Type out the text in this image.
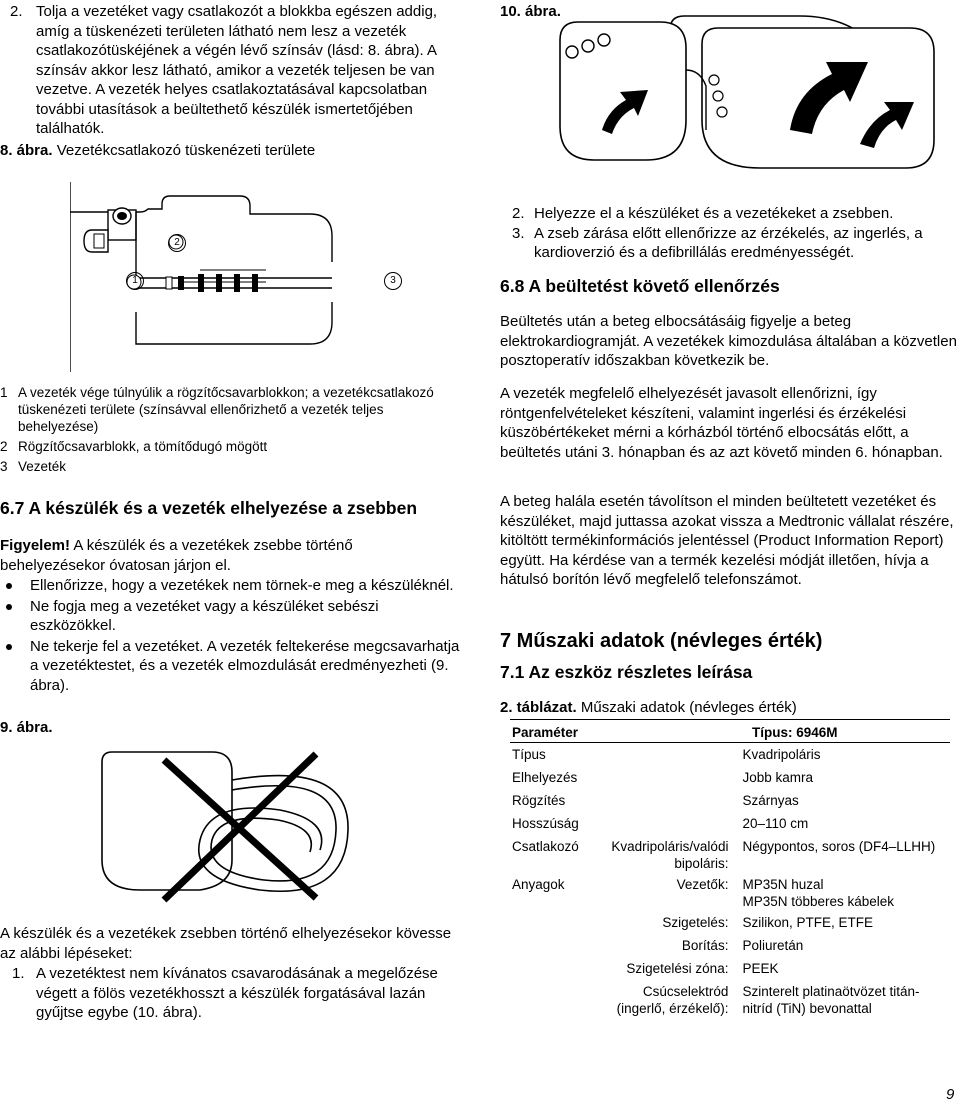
2. Tolja a vezetéket vagy csatlakozót a blokkba egészen addig, amíg a tüskenézeti területen látható nem lesz a vezeték csatlakozótüskéjének a végén lévő színsáv (lásd: 8. ábra). A színsáv akkor lesz látható, amikor a vezeték teljesen be van vezetve. A vezeték helyes csatlakoztatásával kapcsolatban további utasítások a beültethető készülék ismertetőjében találhatók.

8. ábra. Vezetékcsatlakozó tüskenézeti területe

1
2
3
1 A vezeték vége túlnyúlik a rögzítőcsavarblokkon; a vezetékcsatlakozó tüskenézeti területe (színsávval ellenőrizhető a vezeték teljes behelyezése)
2 Rögzítőcsavarblokk, a tömítődugó mögött
3 Vezeték
6.7 A készülék és a vezeték elhelyezése a zsebben

Figyelem! A készülék és a vezetékek zsebbe történő behelyezésekor óvatosan járjon el.

Ellenőrizze, hogy a vezetékek nem törnek-e meg a készüléknél.
Ne fogja meg a vezetéket vagy a készüléket sebészi eszközökkel.
Ne tekerje fel a vezetéket. A vezeték feltekerése megcsavarhatja a vezetéktestet, és a vezeték elmozdulását eredményezheti (9. ábra).

9. ábra.

A készülék és a vezetékek zsebben történő elhelyezésekor kövesse az alábbi lépéseket:

1. A vezetéktest nem kívánatos csavarodásának a megelőzése végett a fölös vezetékhosszt a készülék forgatásával lazán gyűjtse egybe (10. ábra).

10. ábra.

2. Helyezze el a készüléket és a vezetékeket a zsebben.
3. A zseb zárása előtt ellenőrizze az érzékelés, az ingerlés, a kardioverzió és a defibrillálás eredményességét.
6.8 A beültetést követő ellenőrzés

Beültetés után a beteg elbocsátásáig figyelje a beteg elektrokardiogramját. A vezetékek kimozdulása általában a közvetlen posztoperatív időszakban következik be.

A vezeték megfelelő elhelyezését javasolt ellenőrizni, így röntgenfelvételeket készíteni, valamint ingerlési és érzékelési küszöbértékeket mérni a kórházból történő elbocsátás előtt, a beültetés utáni 3. hónapban és az azt követő minden 6. hónapban.

A beteg halála esetén távolítson el minden beültetett vezetéket és készüléket, majd juttassa azokat vissza a Medtronic vállalat részére, kitöltött termékinformációs jelentéssel (Product Information Report) együtt. Ha kérdése van a termék kezelési módját illetően, hívja a hátulsó borítón lévő megfelelő telefonszámot.

7 Műszaki adatok (névleges érték)
7.1 Az eszköz részletes leírása

2. táblázat. Műszaki adatok (névleges érték)

Paraméter	Típus: 6946M
Típus		Kvadripoláris
Elhelyezés		Jobb kamra
Rögzítés		Szárnyas
Hosszúság		20–110 cm
Csatlakozó	Kvadripoláris/valódi bipoláris:	Négypontos, soros (DF4–LLHH)
Anyagok	Vezetők:	MP35N huzal
MP35N többeres kábelek
	Szigetelés:	Szilikon, PTFE, ETFE
	Borítás:	Poliuretán
	Szigetelési zóna:	PEEK
	Csúcselektród (ingerlő, érzékelő):	Szinterelt platinaötvözet titán-
nitríd (TiN) bevonattal
9
